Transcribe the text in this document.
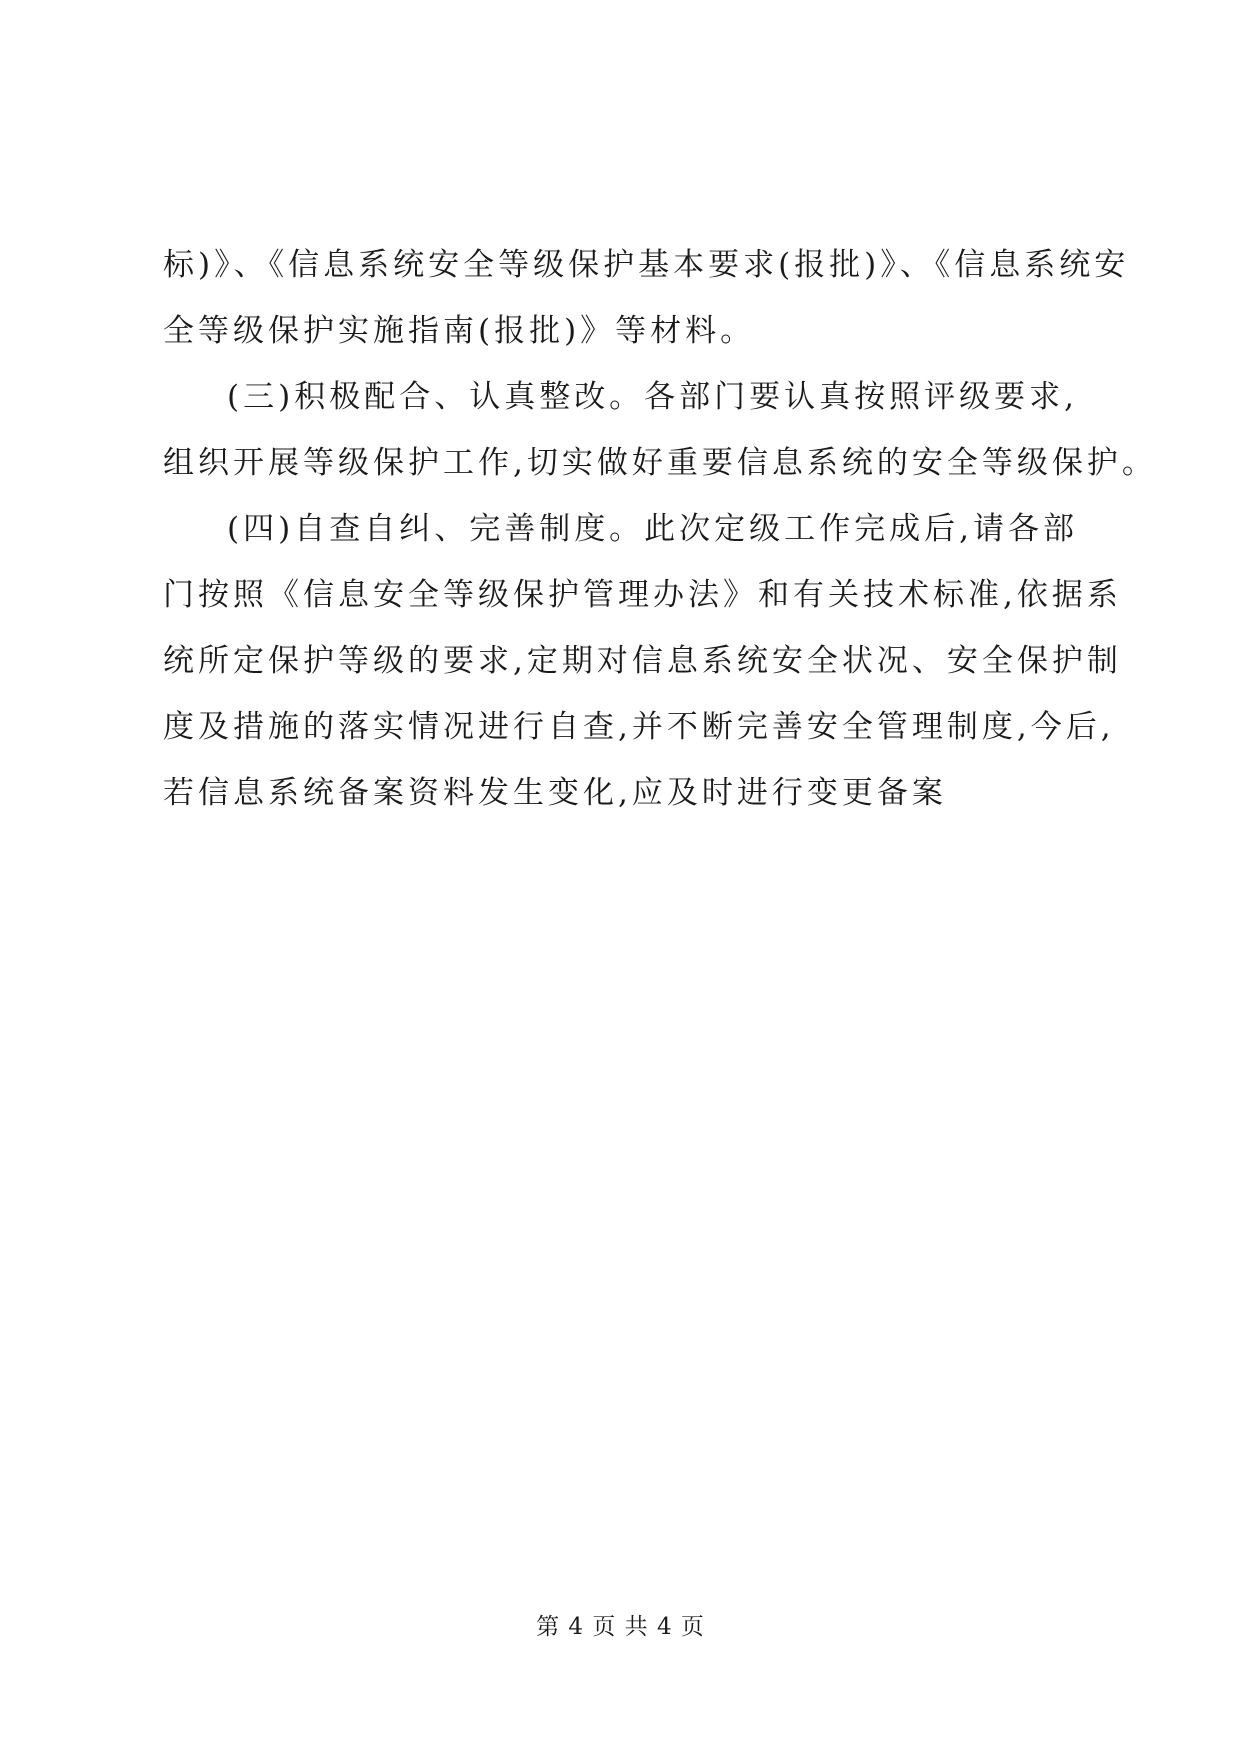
标)》、《信息系统安全等级保护基本要求(报批)》、《信息系统安
全等级保护实施指南(报批)》等材料。
(三)积极配合、认真整改。各部门要认真按照评级要求,
组织开展等级保护工作,切实做好重要信息系统的安全等级保护。
(四)自查自纠、完善制度。此次定级工作完成后,请各部
门按照《信息安全等级保护管理办法》和有关技术标准,依据系
统所定保护等级的要求,定期对信息系统安全状况、安全保护制
度及措施的落实情况进行自查,并不断完善安全管理制度,今后,
若信息系统备案资料发生变化,应及时进行变更备案
第 4 页 共 4 页
